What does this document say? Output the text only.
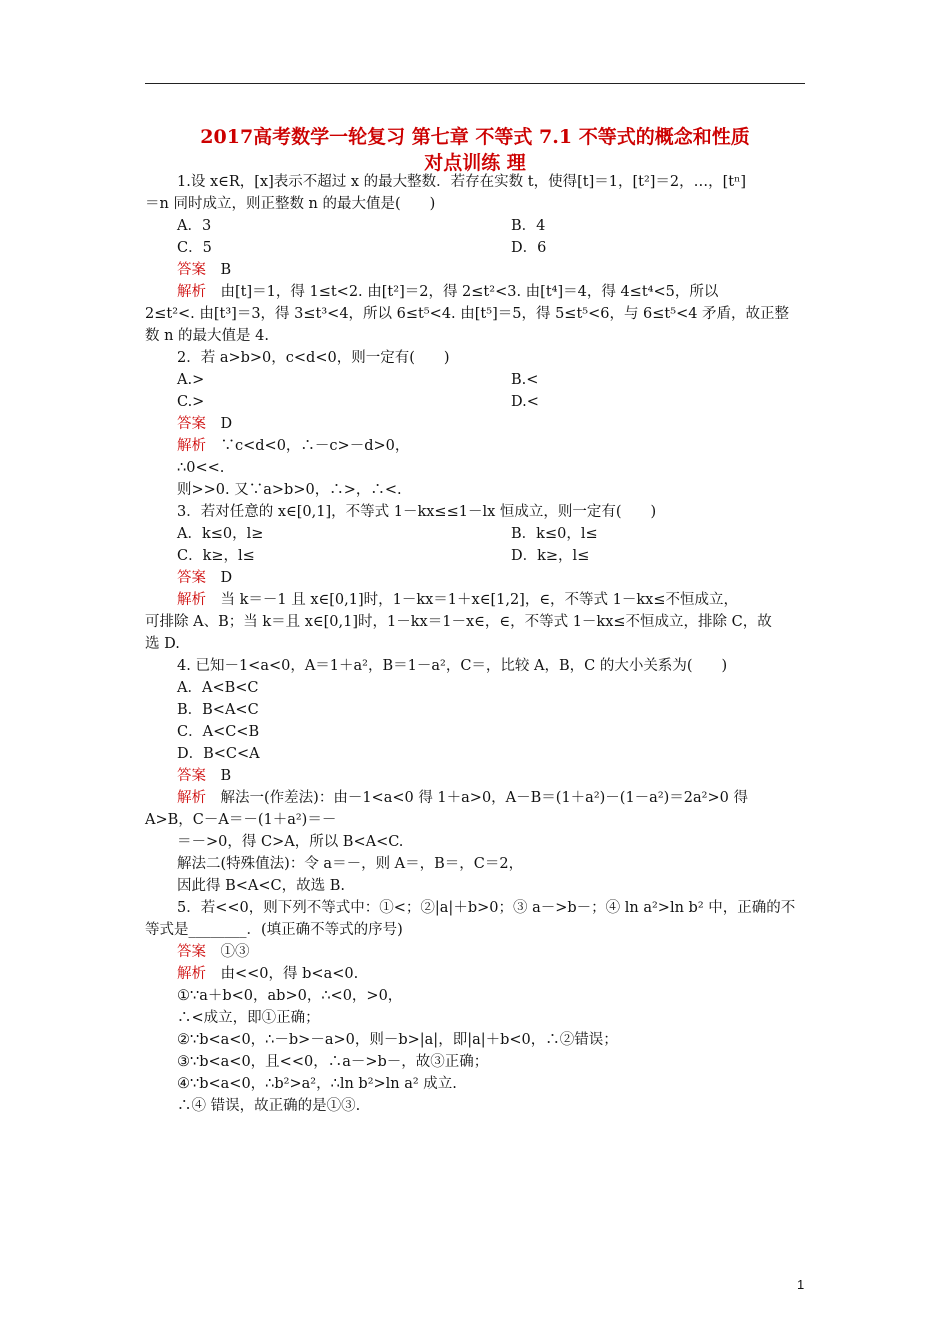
2017高考数学一轮复习 第七章 不等式 7.1 不等式的概念和性质
对点训练 理
1.设 x∈R，[x]表示不超过 x 的最大整数．若存在实数 t，使得[t]＝1，[t²]＝2，…，[tⁿ]
＝n 同时成立，则正整数 n 的最大值是(　　)
A．3	B．4
C．5	D．6
答案　 B
解析　 由[t]＝1，得 1≤t<2. 由[t²]＝2，得 2≤t²<3. 由[t⁴]＝4，得 4≤t⁴<5，所以
2≤t²<. 由[t³]＝3，得 3≤t³<4，所以 6≤t⁵<4. 由[t⁵]＝5，得 5≤t⁵<6，与 6≤t⁵<4 矛盾，故正整
数 n 的最大值是 4.
2．若 a>b>0，c<d<0，则一定有(　　)
A.>	B.<
C.>	D.<
答案　 D
解析　 ∵c<d<0，∴－c>－d>0，
∴0<<.
则>>0. 又∵a>b>0，∴>，∴<.
3．若对任意的 x∈[0,1]，不等式 1－kx≤≤1－lx 恒成立，则一定有(　　)
A．k≤0，l≥	B．k≤0，l≤
C．k≥，l≤	D．k≥，l≤
答案　 D
解析　 当 k＝－1 且 x∈[0,1]时，1－kx＝1＋x∈[1,2]，∈，不等式 1－kx≤不恒成立，
可排除 A、B；当 k＝且 x∈[0,1]时，1－kx＝1－x∈，∈，不等式 1－kx≤不恒成立，排除 C，故
选 D.
4. 已知－1<a<0，A＝1＋a²，B＝1－a²，C＝，比较 A，B，C 的大小关系为(　　)
A．A<B<C
B．B<A<C
C．A<C<B
D．B<C<A
答案　 B
解析　 解法一(作差法)：由－1<a<0 得 1＋a>0，A－B＝(1＋a²)－(1－a²)＝2a²>0 得
A>B，C－A＝－(1＋a²)＝－
＝－>0，得 C>A，所以 B<A<C.
解法二(特殊值法)：令 a＝－，则 A＝，B＝，C＝2，
因此得 B<A<C，故选 B.
5．若<<0，则下列不等式中：①<；②|a|＋b>0；③ a－>b－；④ ln a²>ln b² 中，正确的不
等式是________．(填正确不等式的序号)
答案　 ①③
解析　 由<<0，得 b<a<0.
①∵a＋b<0，ab>0，∴<0，>0，
∴<成立，即①正确；
②∵b<a<0，∴－b>－a>0，则－b>|a|，即|a|＋b<0，∴②错误；
③∵b<a<0，且<<0，∴a－>b－，故③正确；
④∵b<a<0，∴b²>a²，∴ln b²>ln a² 成立.
∴④ 错误，故正确的是①③.
1
